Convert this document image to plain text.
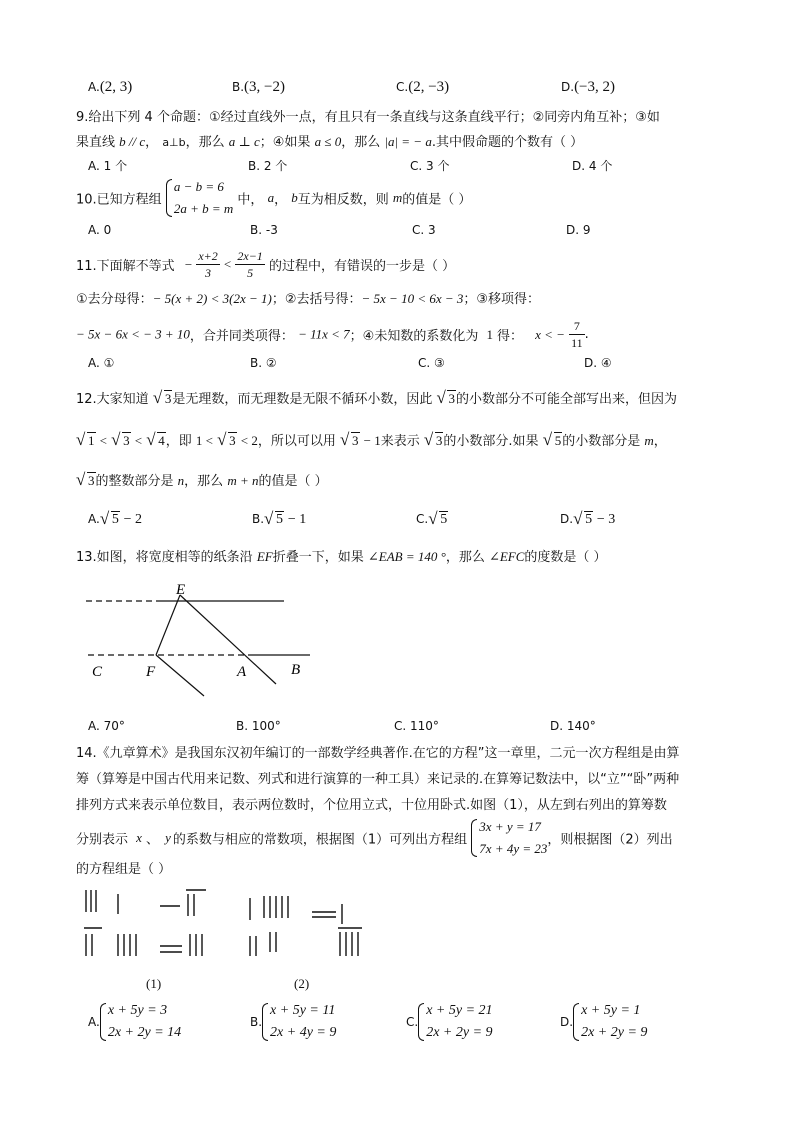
A.(2, 3)	B.(3, −2)	C.(2, −3)	D.(−3, 2)
9.给出下列 4 个命题：①经过直线外一点，有且只有一条直线与这条直线平行；②同旁内角互补；③如
果直线 b // c， a⊥b，那么 a ⊥ c；④如果 a ≤ 0，那么 |a| = − a.其中假命题的个数有（ ）
A. 1 个	B. 2 个	C. 3 个	D. 4 个
10.已知方程组 a − b = 6
2a + b = m 中， a， b互为相反数，则 m的值是（ ）
A. 0	B. -3	C. 3	D. 9
11.下面解不等式 − $\frac{x+2}{3} < \frac{2x-1}{5}$ 的过程中，有错误的一步是（ ）
①去分母得：− 5(x + 2) < 3(2x − 1)；②去括号得：− 5x − 10 < 6x − 3；③移项得：
− 5x − 6x < − 3 + 10，合并同类项得： − 11x < 7；④未知数的系数化为 1 得： x < − $\frac{7}{11}$ .
A. ①	B. ②	C. ③	D. ④
12.大家知道 √ 3是无理数，而无理数是无限不循环小数，因此 √ 3的小数部分不可能全部写出来，但因为
√ 1 < √ 3 < √ 4，即 1 < √ 3 < 2，所以可以用 √ 3 − 1来表示 √ 3的小数部分.如果 √ 5的小数部分是 m，
√ 3的整数部分是 n，那么 m + n的值是（ ）
A. √ 5 − 2	B. √ 5 − 1	C. √ 5	D. √ 5 − 3
13.如图，将宽度相等的纸条沿 EF折叠一下，如果 ∠EAB = 140 °，那么 ∠EFC的度数是（ ）
E
C	F	A	B
A. 70°	B. 100°	C. 110°	D. 140°
14.《九章算术》是我国东汉初年编订的一部数学经典著作.在它的方程”这一章里，二元一次方程组是由算
筹（算筹是中国古代用来记数、列式和进行演算的一种工具）来记录的.在算筹记数法中，以“立”“卧”两种
排列方式来表示单位数目，表示两位数时，个位用立式，十位用卧式.如图（1），从左到右列出的算筹数
分别表示 x 、 y 的系数与相应的常数项，根据图（1）可列出方程组 3x + y = 17
7x + 4y = 23，则根据图（2）列出
的方程组是（ ）
(1)	(2)
A.x + 5y = 3
2x + 2y = 14
B.x + 5y = 11
2x + 4y = 9
C.x + 5y = 21
2x + 2y = 9
D.x + 5y = 1
2x + 2y = 9
